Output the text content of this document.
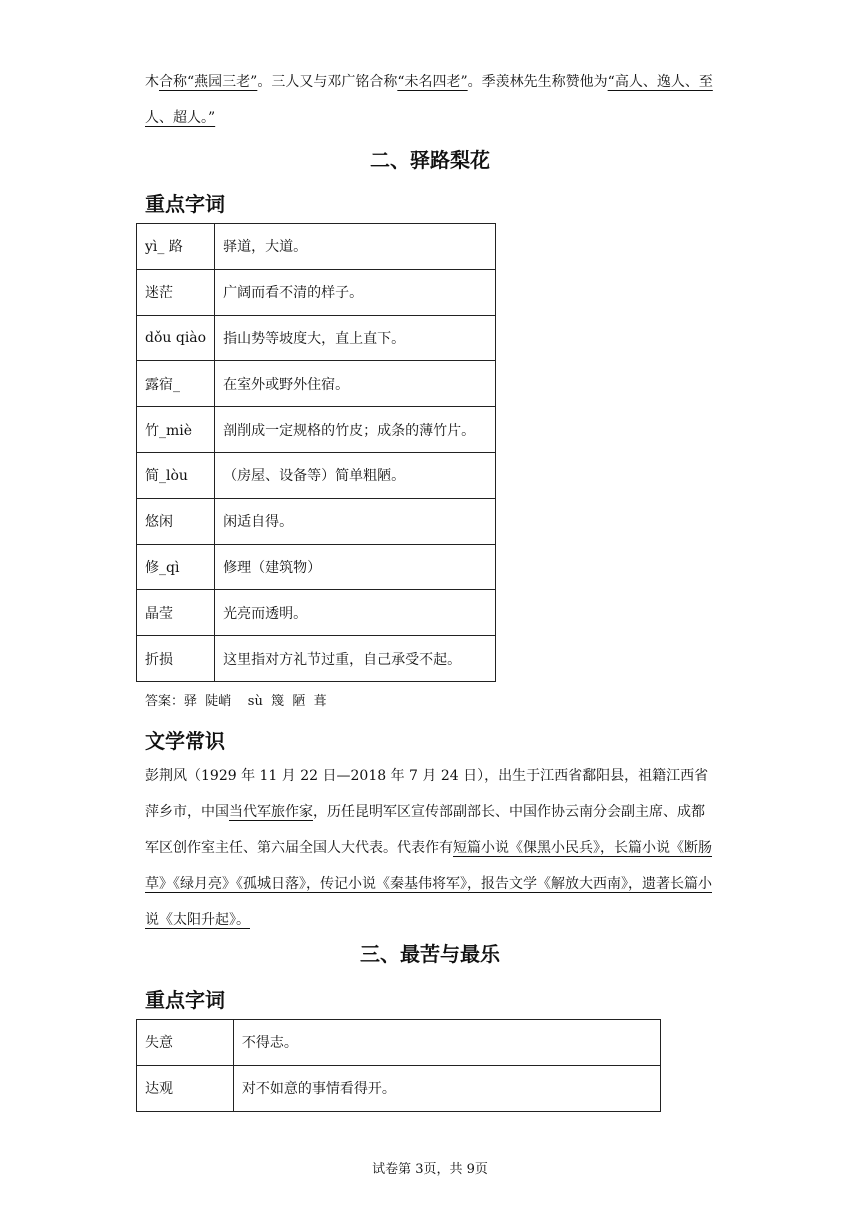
木合称“燕园三老”。三人又与邓广铭合称“未名四老”。季羡林先生称赞他为“高人、逸人、至人、超人。”
二、驿路梨花
重点字词
yì_ 路	驿道，大道。
迷茫	广阔而看不清的样子。
dǒu qiào	指山势等坡度大，直上直下。
露宿_	在室外或野外住宿。
竹_miè	剖削成一定规格的竹皮；成条的薄竹片。
简_lòu	（房屋、设备等）简单粗陋。
悠闲	闲适自得。
修_qì	修理（建筑物）
晶莹	光亮而透明。
折损	这里指对方礼节过重，自己承受不起。
答案：驿  陡峭    sù  篾  陋  葺
文学常识
彭荆风（1929 年 11 月 22 日—2018 年 7 月 24 日），出生于江西省鄱阳县，祖籍江西省萍乡市，中国当代军旅作家，历任昆明军区宣传部副部长、中国作协云南分会副主席、成都军区创作室主任、第六届全国人大代表。代表作有短篇小说《倮黑小民兵》，长篇小说《断肠草》《绿月亮》《孤城日落》，传记小说《秦基伟将军》，报告文学《解放大西南》，遗著长篇小说《太阳升起》。
三、最苦与最乐
重点字词
失意	不得志。
达观	对不如意的事情看得开。
试卷第 3页，共 9页
